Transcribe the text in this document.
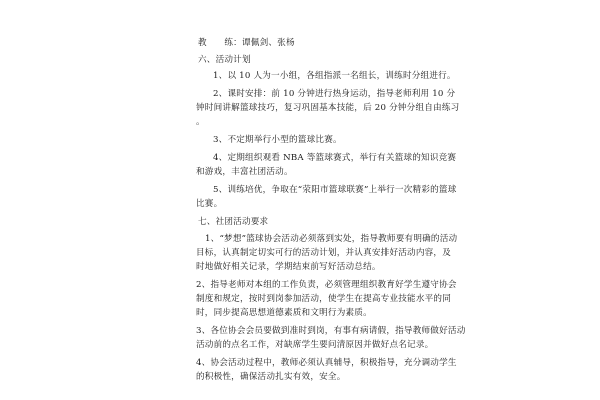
教　　练：谭佩剑、张杨
六、活动计划
1、以 10 人为一小组，各组指派一名组长，训练时分组进行。
2、课时安排：前 10 分钟进行热身运动，指导老师利用 10 分
钟时间讲解篮球技巧，复习巩固基本技能，后 20 分钟分组自由练习
。
3、不定期举行小型的篮球比赛。
4、定期组织观看 NBA 等篮球赛式，举行有关篮球的知识竞赛
和游戏，丰富社团活动。
5、训练培优，争取在“荥阳市篮球联赛”上举行一次精彩的篮球
比赛。
七、社团活动要求
1、“梦想”篮球协会活动必须落到实处，指导教师要有明确的活动
目标，认真制定切实可行的活动计划，并认真安排好活动内容，及
时地做好相关记录，学期结束前写好活动总结。
2、指导老师对本组的工作负责，必须管理组织教育好学生遵守协会
制度和规定，按时到岗参加活动，使学生在提高专业技能水平的同
时，同步提高思想道德素质和文明行为素质。
3、各位协会会员要做到准时到岗，有事有病请假，指导教师做好活动
活动前的点名工作，对缺席学生要问清原因并做好点名记录。
4、协会活动过程中，教师必须认真辅导，积极指导，充分调动学生
的积极性，确保活动扎实有效，安全。
